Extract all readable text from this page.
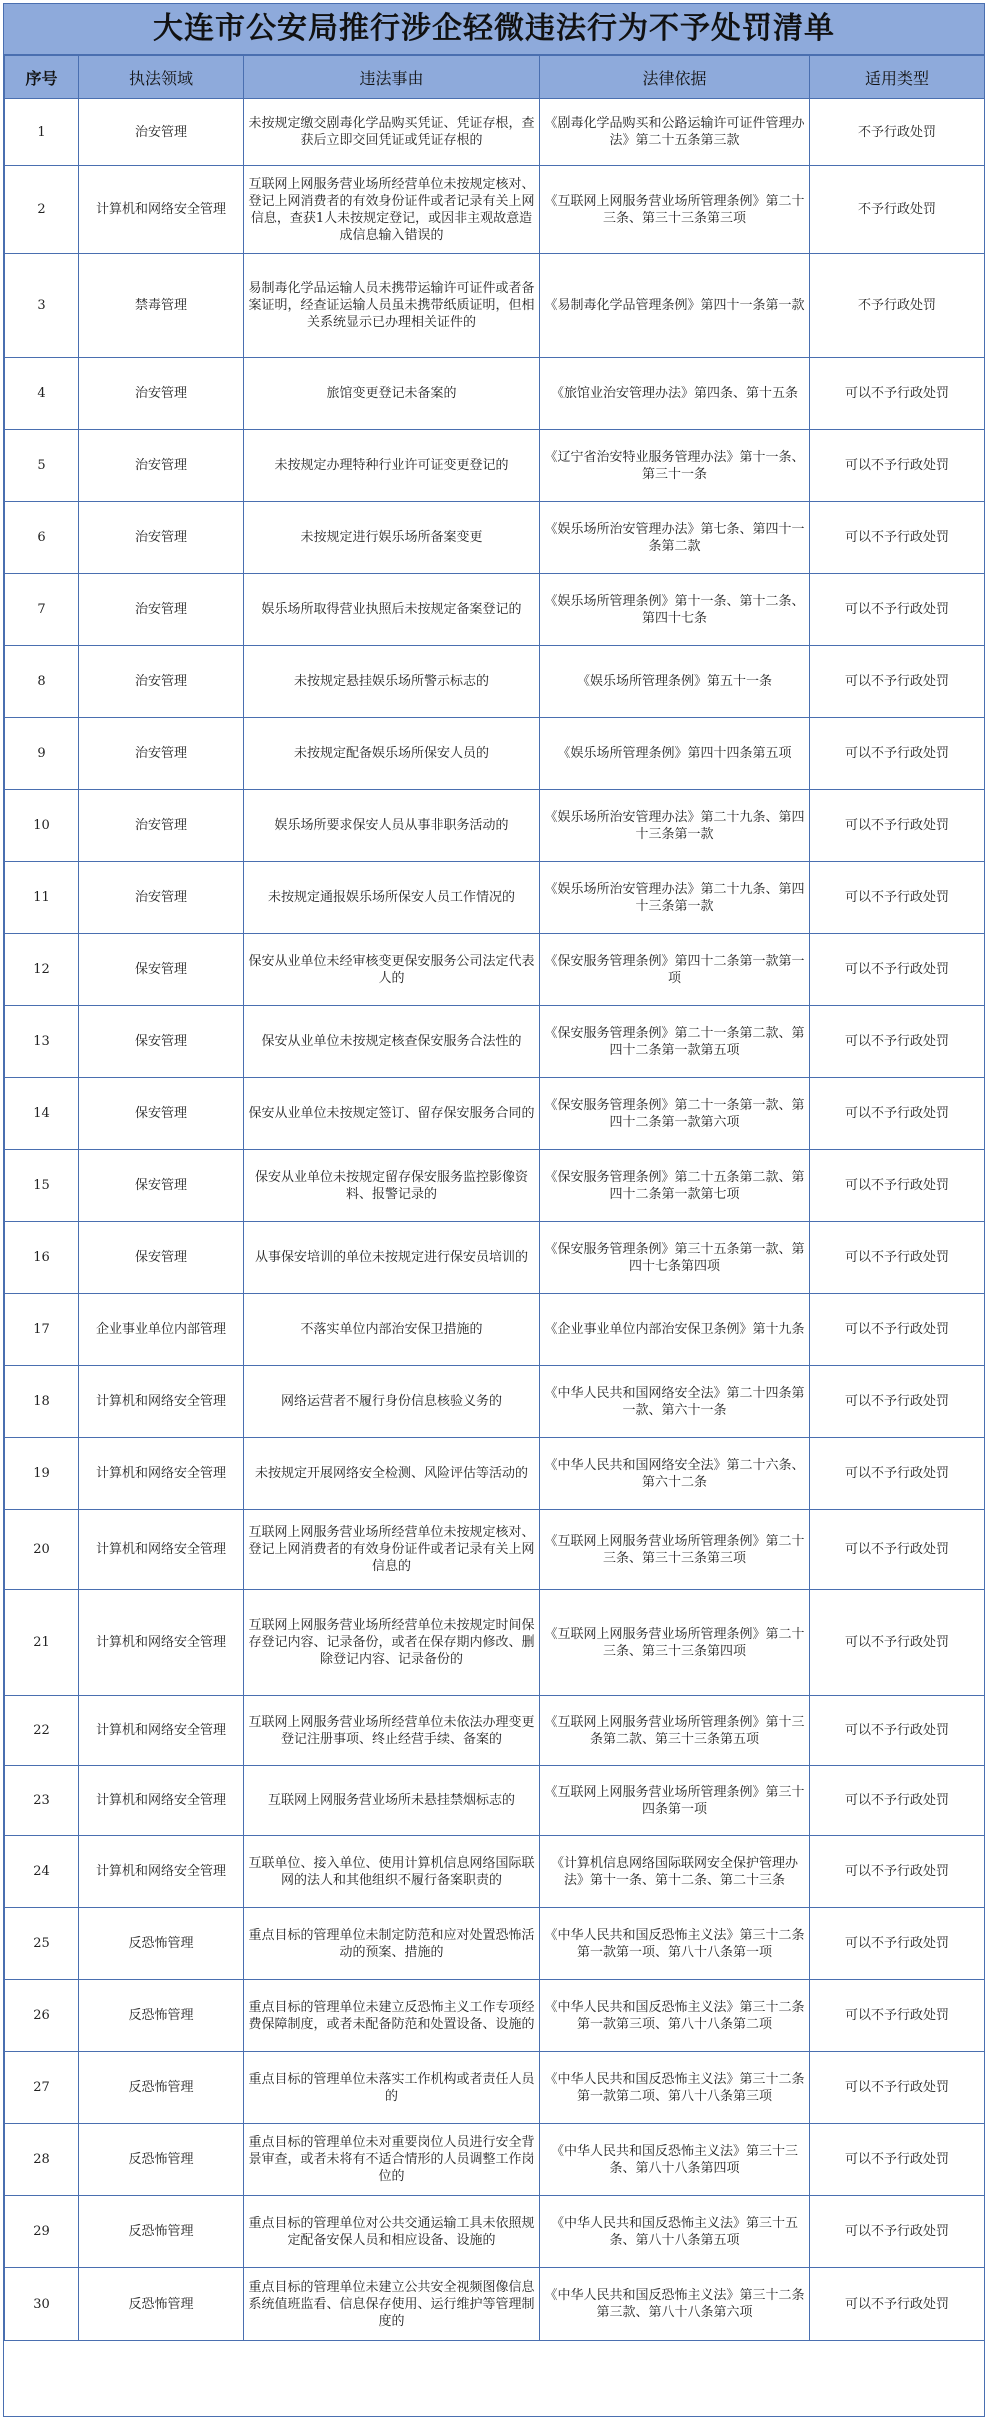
大连市公安局推行涉企轻微违法行为不予处罚清单
序号	执法领域	违法事由	法律依据	适用类型
1	治安管理	未按规定缴交剧毒化学品购买凭证、凭证存根，查获后立即交回凭证或凭证存根的	《剧毒化学品购买和公路运输许可证件管理办法》第二十五条第三款	不予行政处罚
2	计算机和网络安全管理	互联网上网服务营业场所经营单位未按规定核对、登记上网消费者的有效身份证件或者记录有关上网信息，查获1人未按规定登记，或因非主观故意造成信息输入错误的	《互联网上网服务营业场所管理条例》第二十三条、第三十三条第三项	不予行政处罚
3	禁毒管理	易制毒化学品运输人员未携带运输许可证件或者备案证明，经查证运输人员虽未携带纸质证明，但相关系统显示已办理相关证件的	《易制毒化学品管理条例》第四十一条第一款	不予行政处罚
4	治安管理	旅馆变更登记未备案的	《旅馆业治安管理办法》第四条、第十五条	可以不予行政处罚
5	治安管理	未按规定办理特种行业许可证变更登记的	《辽宁省治安特业服务管理办法》第十一条、第三十一条	可以不予行政处罚
6	治安管理	未按规定进行娱乐场所备案变更	《娱乐场所治安管理办法》第七条、第四十一条第二款	可以不予行政处罚
7	治安管理	娱乐场所取得营业执照后未按规定备案登记的	《娱乐场所管理条例》第十一条、第十二条、第四十七条	可以不予行政处罚
8	治安管理	未按规定悬挂娱乐场所警示标志的	《娱乐场所管理条例》第五十一条	可以不予行政处罚
9	治安管理	未按规定配备娱乐场所保安人员的	《娱乐场所管理条例》第四十四条第五项	可以不予行政处罚
10	治安管理	娱乐场所要求保安人员从事非职务活动的	《娱乐场所治安管理办法》第二十九条、第四十三条第一款	可以不予行政处罚
11	治安管理	未按规定通报娱乐场所保安人员工作情况的	《娱乐场所治安管理办法》第二十九条、第四十三条第一款	可以不予行政处罚
12	保安管理	保安从业单位未经审核变更保安服务公司法定代表人的	《保安服务管理条例》第四十二条第一款第一项	可以不予行政处罚
13	保安管理	保安从业单位未按规定核查保安服务合法性的	《保安服务管理条例》第二十一条第二款、第四十二条第一款第五项	可以不予行政处罚
14	保安管理	保安从业单位未按规定签订、留存保安服务合同的	《保安服务管理条例》第二十一条第一款、第四十二条第一款第六项	可以不予行政处罚
15	保安管理	保安从业单位未按规定留存保安服务监控影像资料、报警记录的	《保安服务管理条例》第二十五条第二款、第四十二条第一款第七项	可以不予行政处罚
16	保安管理	从事保安培训的单位未按规定进行保安员培训的	《保安服务管理条例》第三十五条第一款、第四十七条第四项	可以不予行政处罚
17	企业事业单位内部管理	不落实单位内部治安保卫措施的	《企业事业单位内部治安保卫条例》第十九条	可以不予行政处罚
18	计算机和网络安全管理	网络运营者不履行身份信息核验义务的	《中华人民共和国网络安全法》第二十四条第一款、第六十一条	可以不予行政处罚
19	计算机和网络安全管理	未按规定开展网络安全检测、风险评估等活动的	《中华人民共和国网络安全法》第二十六条、第六十二条	可以不予行政处罚
20	计算机和网络安全管理	互联网上网服务营业场所经营单位未按规定核对、登记上网消费者的有效身份证件或者记录有关上网信息的	《互联网上网服务营业场所管理条例》第二十三条、第三十三条第三项	可以不予行政处罚
21	计算机和网络安全管理	互联网上网服务营业场所经营单位未按规定时间保存登记内容、记录备份，或者在保存期内修改、删除登记内容、记录备份的	《互联网上网服务营业场所管理条例》第二十三条、第三十三条第四项	可以不予行政处罚
22	计算机和网络安全管理	互联网上网服务营业场所经营单位未依法办理变更登记注册事项、终止经营手续、备案的	《互联网上网服务营业场所管理条例》第十三条第二款、第三十三条第五项	可以不予行政处罚
23	计算机和网络安全管理	互联网上网服务营业场所未悬挂禁烟标志的	《互联网上网服务营业场所管理条例》第三十四条第一项	可以不予行政处罚
24	计算机和网络安全管理	互联单位、接入单位、使用计算机信息网络国际联网的法人和其他组织不履行备案职责的	《计算机信息网络国际联网安全保护管理办法》第十一条、第十二条、第二十三条	可以不予行政处罚
25	反恐怖管理	重点目标的管理单位未制定防范和应对处置恐怖活动的预案、措施的	《中华人民共和国反恐怖主义法》第三十二条第一款第一项、第八十八条第一项	可以不予行政处罚
26	反恐怖管理	重点目标的管理单位未建立反恐怖主义工作专项经费保障制度，或者未配备防范和处置设备、设施的	《中华人民共和国反恐怖主义法》第三十二条第一款第三项、第八十八条第二项	可以不予行政处罚
27	反恐怖管理	重点目标的管理单位未落实工作机构或者责任人员的	《中华人民共和国反恐怖主义法》第三十二条第一款第二项、第八十八条第三项	可以不予行政处罚
28	反恐怖管理	重点目标的管理单位未对重要岗位人员进行安全背景审查，或者未将有不适合情形的人员调整工作岗位的	《中华人民共和国反恐怖主义法》第三十三条、第八十八条第四项	可以不予行政处罚
29	反恐怖管理	重点目标的管理单位对公共交通运输工具未依照规定配备安保人员和相应设备、设施的	《中华人民共和国反恐怖主义法》第三十五条、第八十八条第五项	可以不予行政处罚
30	反恐怖管理	重点目标的管理单位未建立公共安全视频图像信息系统值班监看、信息保存使用、运行维护等管理制度的	《中华人民共和国反恐怖主义法》第三十二条第三款、第八十八条第六项	可以不予行政处罚
